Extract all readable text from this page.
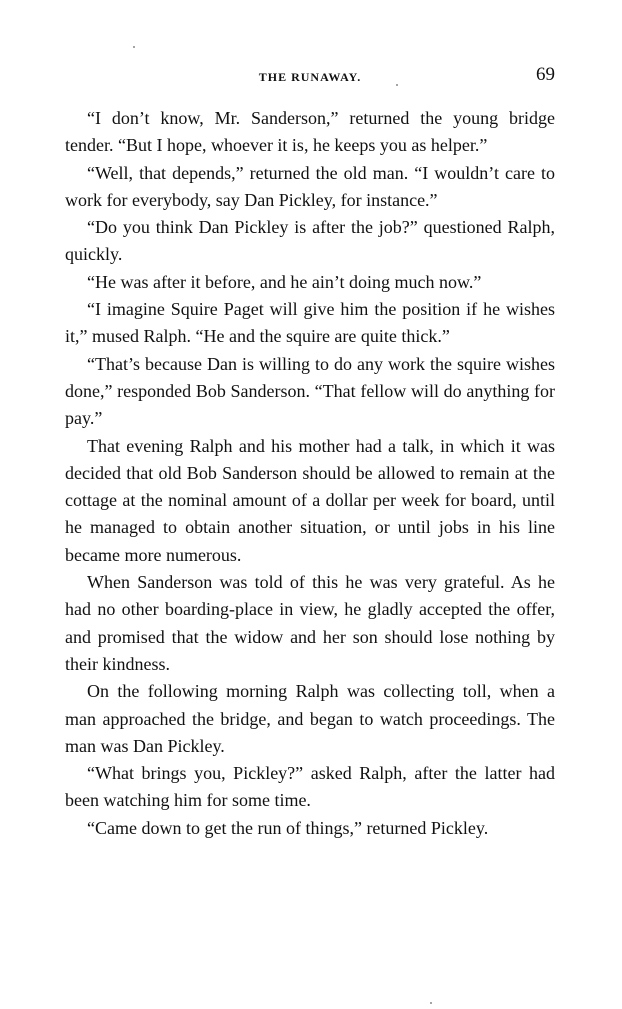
THE RUNAWAY.	69

“I don’t know, Mr. Sanderson,” returned the young bridge tender. “But I hope, whoever it is, he keeps you as helper.”

“Well, that depends,” returned the old man. “I wouldn’t care to work for everybody, say Dan Pickley, for instance.”

“Do you think Dan Pickley is after the job?” questioned Ralph, quickly.

“He was after it before, and he ain’t doing much now.”

“I imagine Squire Paget will give him the position if he wishes it,” mused Ralph. “He and the squire are quite thick.”

“That’s because Dan is willing to do any work the squire wishes done,” responded Bob Sanderson. “That fellow will do anything for pay.”

That evening Ralph and his mother had a talk, in which it was decided that old Bob Sanderson should be allowed to remain at the cottage at the nominal amount of a dollar per week for board, until he managed to obtain another situation, or until jobs in his line became more numerous.

When Sanderson was told of this he was very grateful. As he had no other boarding-place in view, he gladly accepted the offer, and promised that the widow and her son should lose nothing by their kindness.

On the following morning Ralph was collecting toll, when a man approached the bridge, and began to watch proceedings. The man was Dan Pickley.

“What brings you, Pickley?” asked Ralph, after the latter had been watching him for some time.

“Came down to get the run of things,” returned Pickley.
